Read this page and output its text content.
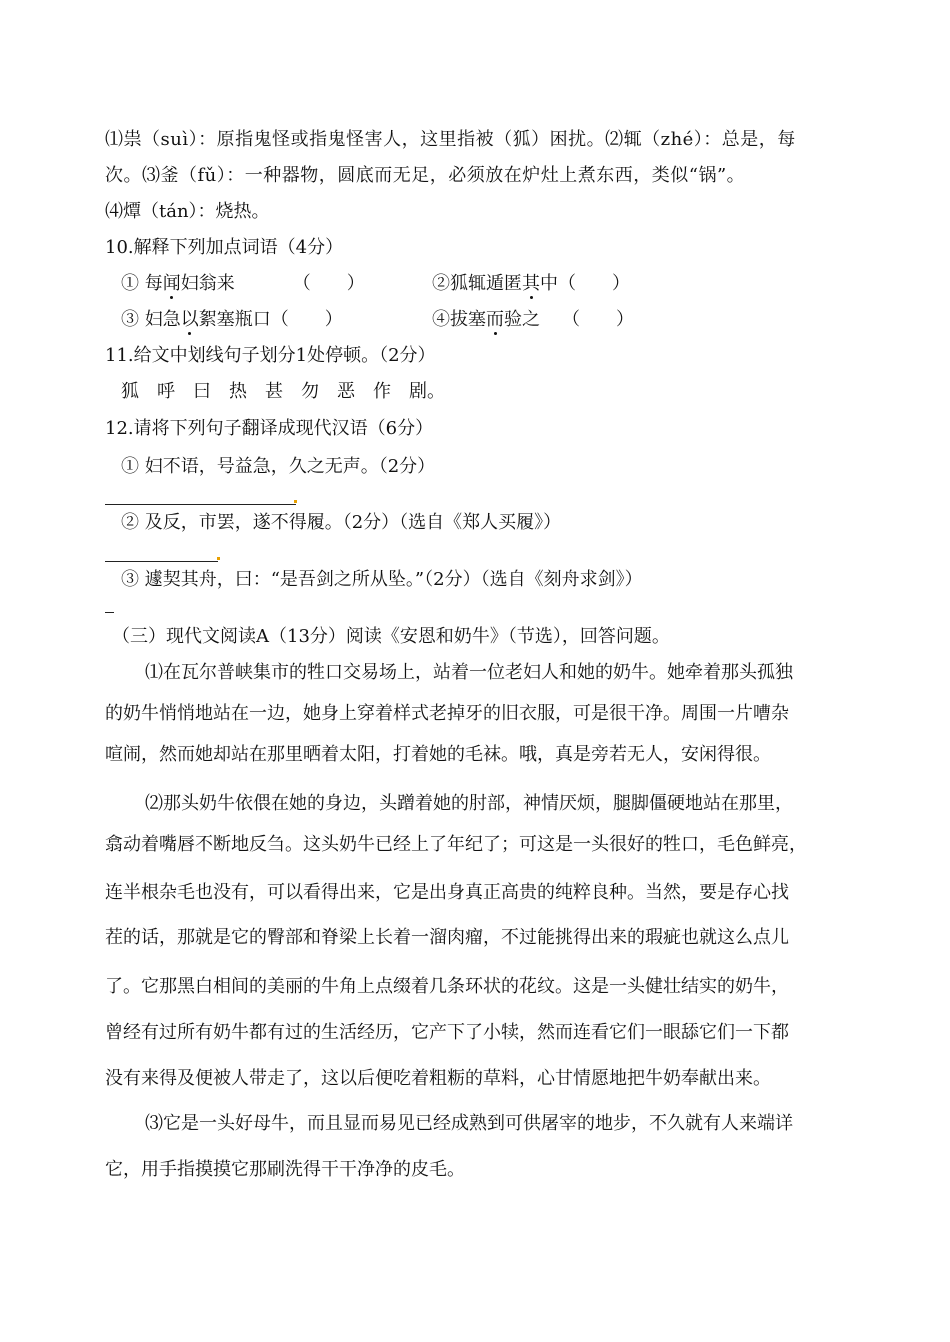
⑴祟（suì）：原指鬼怪或指鬼怪害人，这里指被（狐）困扰。⑵辄（zhé）：总是，每
次。⑶釜（fǔ）：一种器物，圆底而无足，必须放在炉灶上煮东西，类似“锅”。
⑷燂（tán）：烧热。
10.解释下列加点词语（4分）
① 每闻妇翁来	（　　）	②狐辄遁匿其中（　　）
③ 妇急以絮塞瓶口（　　）	④拔塞而验之 （　　）
11.给文中划线句子划分1处停顿。（2分）
狐 呼 曰 热 甚 勿 恶 作 剧。
12.请将下列句子翻译成现代汉语（6分）
① 妇不语，号益急，久之无声。（2分）
② 及反，市罢，遂不得履。（2分）（选自《郑人买履》）
③ 遽契其舟，曰：“是吾剑之所从坠。”（2分）（选自《刻舟求剑》）
（三）现代文阅读A（13分）阅读《安恩和奶牛》（节选），回答问题。
⑴在瓦尔普峡集市的牲口交易场上，站着一位老妇人和她的奶牛。她牵着那头孤独
的奶牛悄悄地站在一边，她身上穿着样式老掉牙的旧衣服，可是很干净。周围一片嘈杂
喧闹，然而她却站在那里晒着太阳，打着她的毛袜。哦，真是旁若无人，安闲得很。
⑵那头奶牛依偎在她的身边，头蹭着她的肘部，神情厌烦，腿脚僵硬地站在那里，
翕动着嘴唇不断地反刍。这头奶牛已经上了年纪了；可这是一头很好的牲口，毛色鲜亮，
连半根杂毛也没有，可以看得出来，它是出身真正高贵的纯粹良种。当然，要是存心找
茬的话，那就是它的臀部和脊梁上长着一溜肉瘤，不过能挑得出来的瑕疵也就这么点儿
了。它那黑白相间的美丽的牛角上点缀着几条环状的花纹。这是一头健壮结实的奶牛，
曾经有过所有奶牛都有过的生活经历，它产下了小犊，然而连看它们一眼舔它们一下都
没有来得及便被人带走了，这以后便吃着粗粝的草料，心甘情愿地把牛奶奉献出来。
⑶它是一头好母牛，而且显而易见已经成熟到可供屠宰的地步，不久就有人来端详
它，用手指摸摸它那刷洗得干干净净的皮毛。
